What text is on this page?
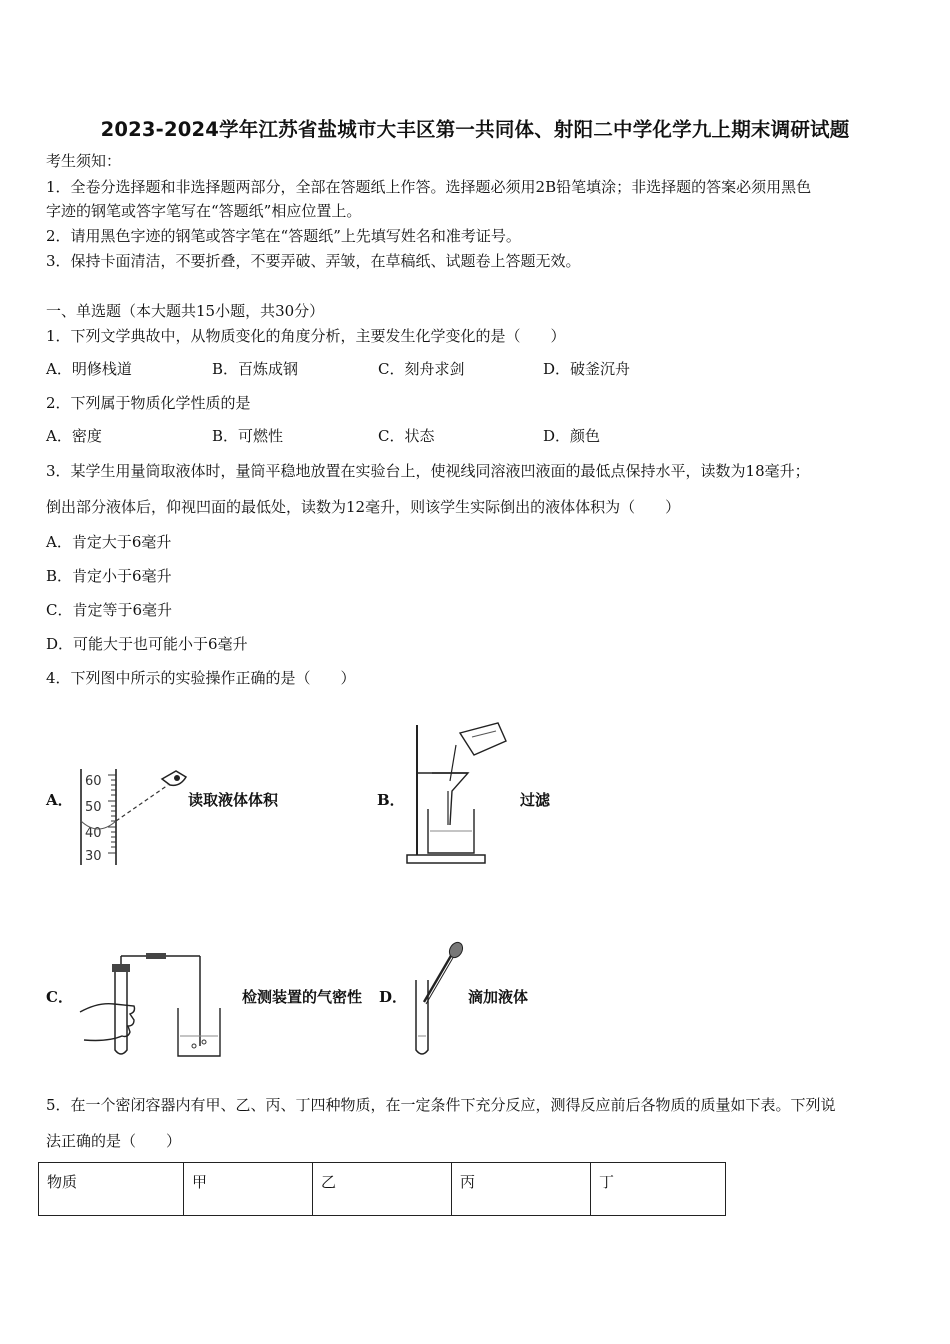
2023-2024学年江苏省盐城市大丰区第一共同体、射阳二中学化学九上期末调研试题
考生须知：
1．全卷分选择题和非选择题两部分，全部在答题纸上作答。选择题必须用2B铅笔填涂；非选择题的答案必须用黑色
字迹的钢笔或答字笔写在“答题纸”相应位置上。
2．请用黑色字迹的钢笔或答字笔在“答题纸”上先填写姓名和准考证号。
3．保持卡面清洁，不要折叠，不要弄破、弄皱，在草稿纸、试题卷上答题无效。
一、单选题（本大题共15小题，共30分）
1．下列文学典故中，从物质变化的角度分析，主要发生化学变化的是（　　）
A．明修栈道	B．百炼成钢	C．刻舟求剑	D．破釜沉舟
2．下列属于物质化学性质的是
A．密度	B．可燃性	C．状态	D．颜色
3．某学生用量筒取液体时，量筒平稳地放置在实验台上，使视线同溶液凹液面的最低点保持水平，读数为18毫升；
倒出部分液体后，仰视凹面的最低处，读数为12毫升，则该学生实际倒出的液体体积为（　　）
A．肯定大于6毫升
B．肯定小于6毫升
C．肯定等于6毫升
D．可能大于也可能小于6毫升
4．下列图中所示的实验操作正确的是（　　）
A．
60
50
40
30
读取液体体积	B．	过滤
C．	检测装置的气密性 D．	滴加液体
5．在一个密闭容器内有甲、乙、丙、丁四种物质，在一定条件下充分反应，测得反应前后各物质的质量如下表。下列说
法正确的是（　　）
物质	甲	乙	丙	丁
